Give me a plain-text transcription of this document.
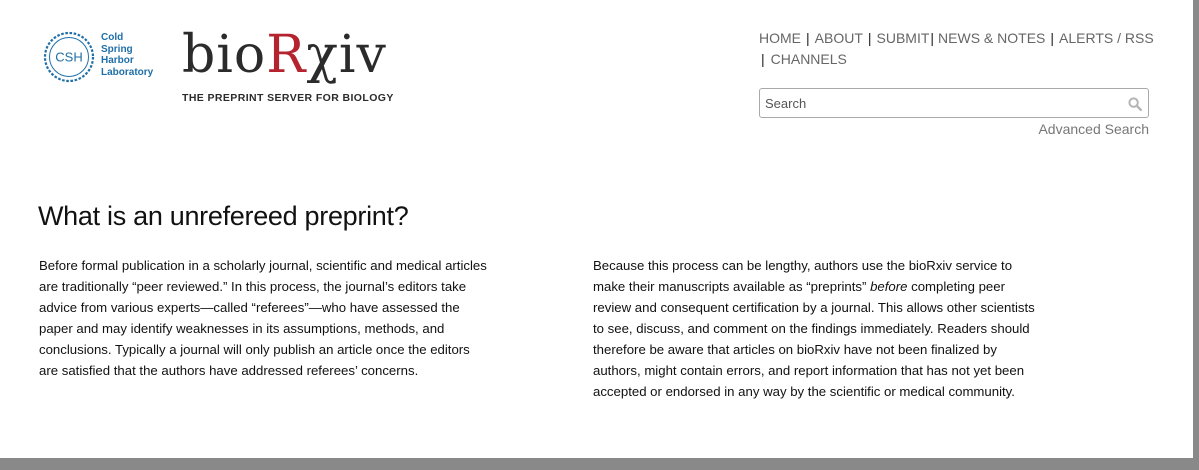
CSH
Cold
Spring
Harbor
Laboratory bioRχiv
THE PREPRINT SERVER FOR BIOLOGY
HOME | ABOUT | SUBMIT| NEWS & NOTES | ALERTS / RSS
| CHANNELS
Search
Advanced Search
What is an unrefereed preprint?

Before formal publication in a scholarly journal, scientific and medical articles are traditionally “peer reviewed.” In this process, the journal’s editors take advice from various experts—called “referees”—who have assessed the paper and may identify weaknesses in its assumptions, methods, and conclusions. Typically a journal will only publish an article once the editors are satisfied that the authors have addressed referees’ concerns.

Because this process can be lengthy, authors use the bioRxiv service to make their manuscripts available as “preprints” before completing peer review and consequent certification by a journal. This allows other scientists to see, discuss, and comment on the findings immediately. Readers should therefore be aware that articles on bioRxiv have not been finalized by authors, might contain errors, and report information that has not yet been accepted or endorsed in any way by the scientific or medical community.
